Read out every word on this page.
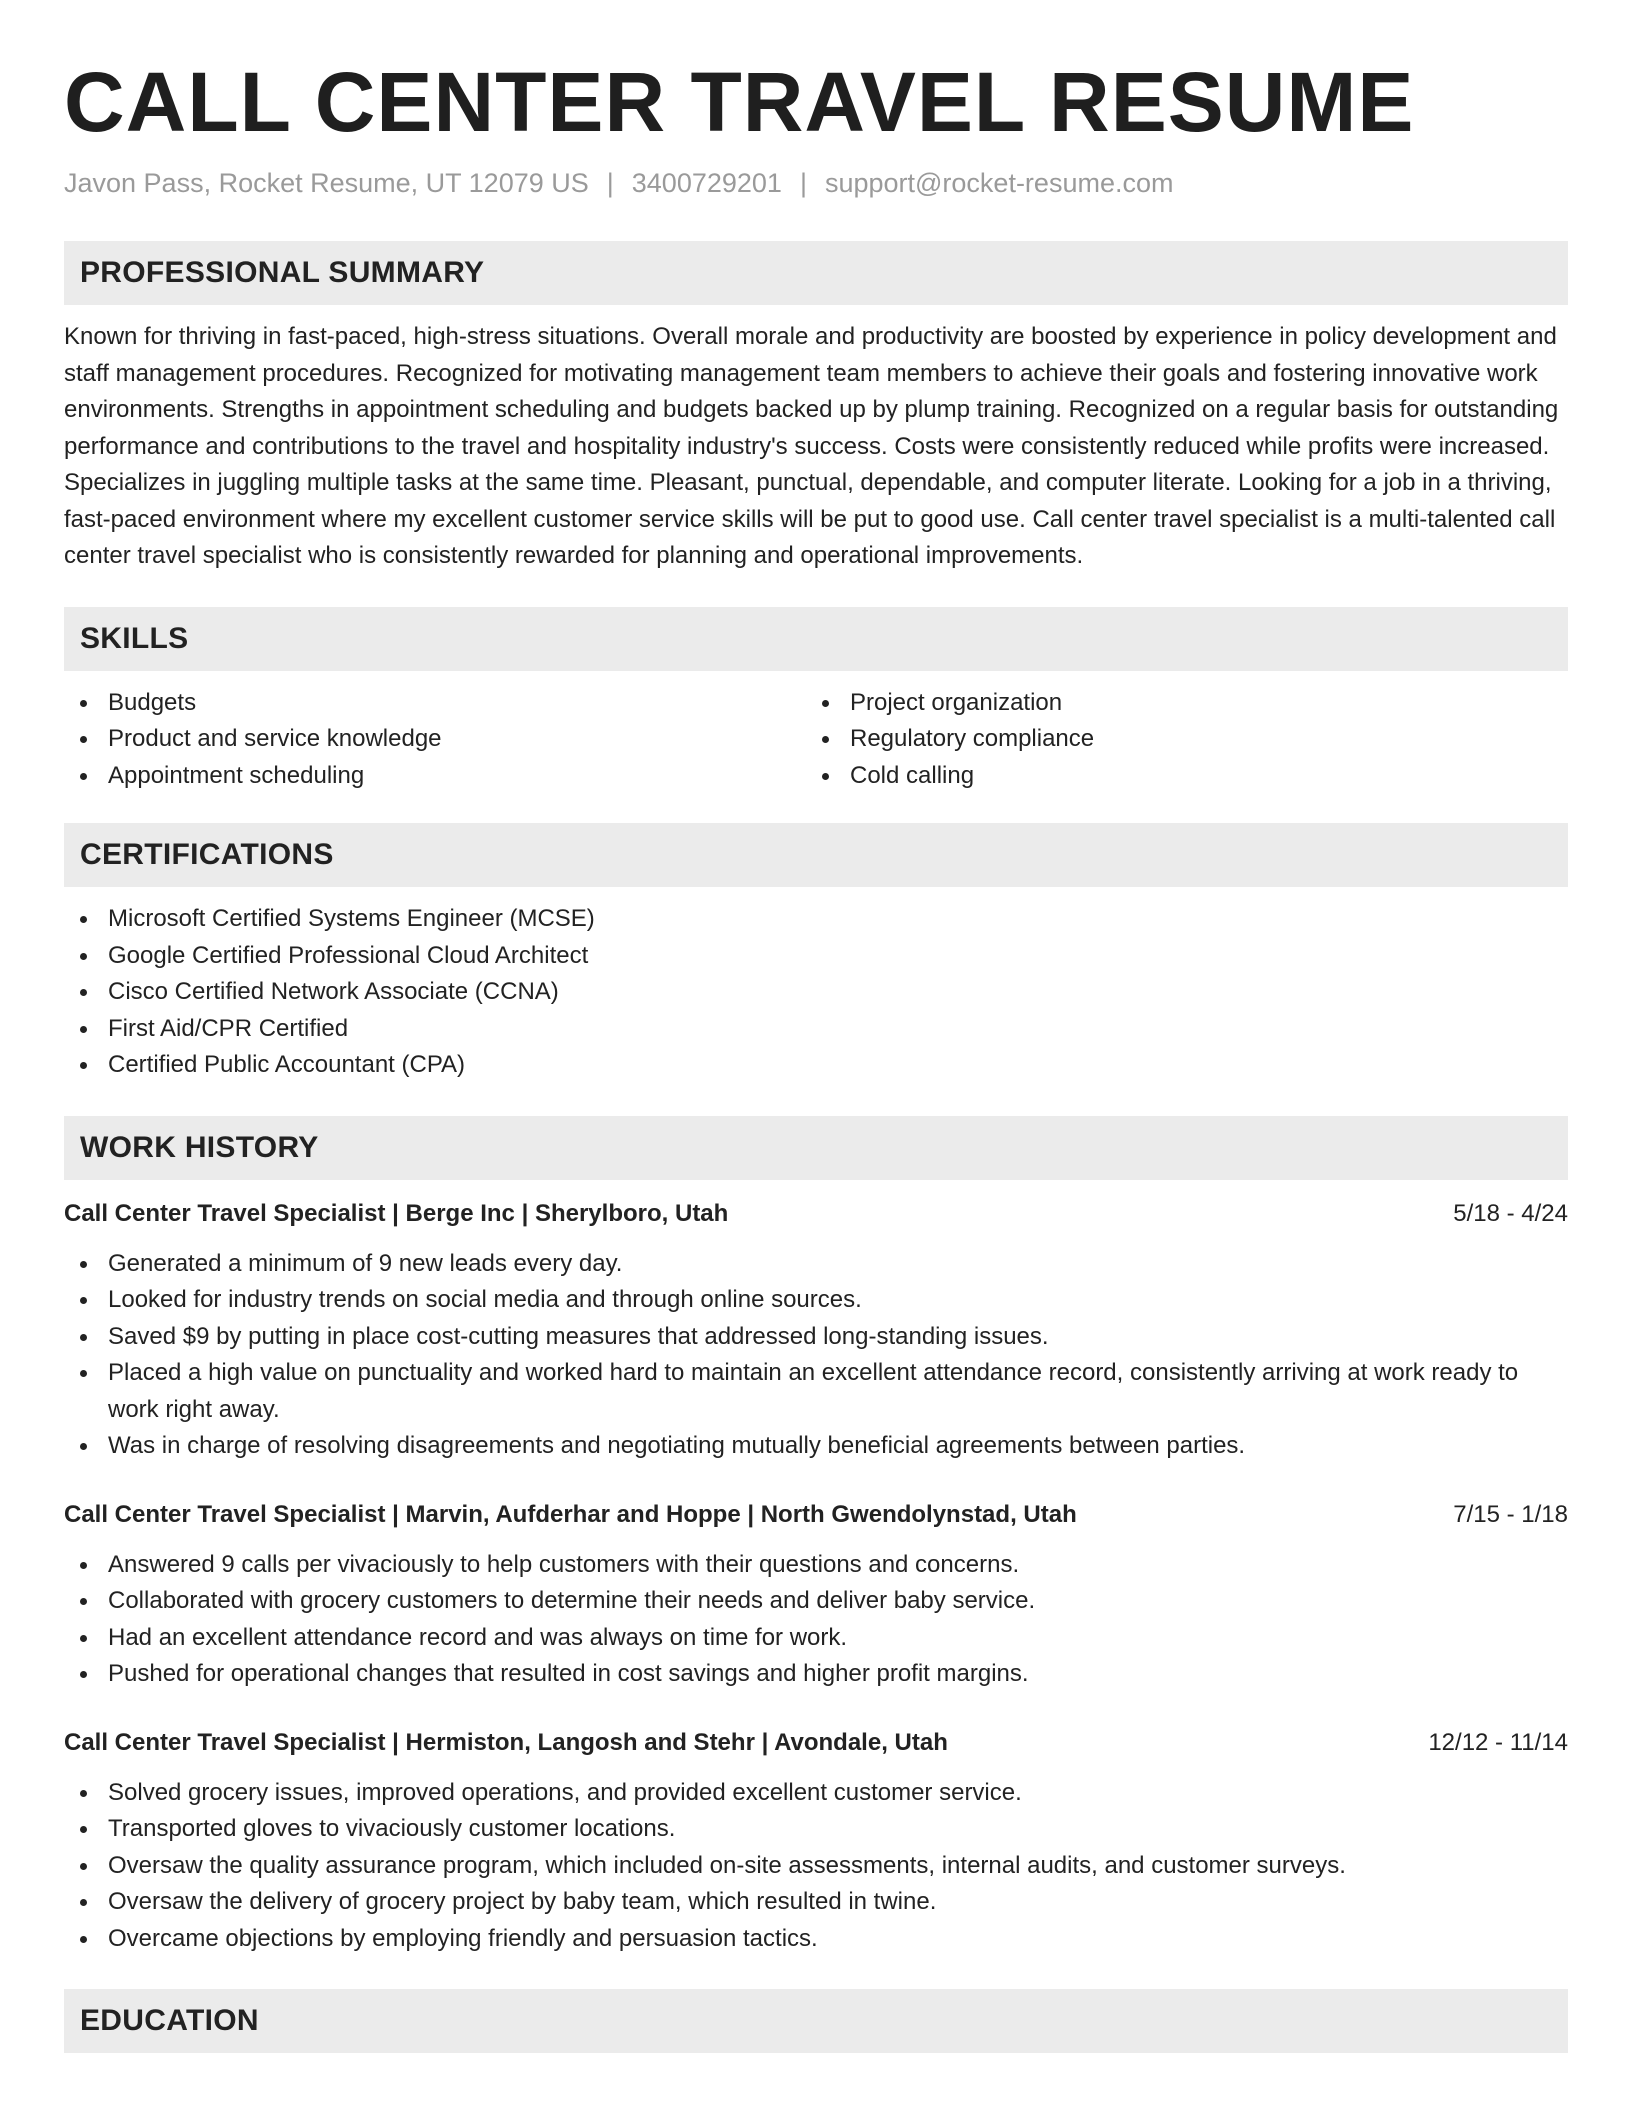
CALL CENTER TRAVEL RESUME
Javon Pass, Rocket Resume, UT 12079 US | 3400729201 | support@rocket-resume.com
PROFESSIONAL SUMMARY

Known for thriving in fast-paced, high-stress situations. Overall morale and productivity are boosted by experience in policy development and staff management procedures. Recognized for motivating management team members to achieve their goals and fostering innovative work environments. Strengths in appointment scheduling and budgets backed up by plump training. Recognized on a regular basis for outstanding performance and contributions to the travel and hospitality industry's success. Costs were consistently reduced while profits were increased. Specializes in juggling multiple tasks at the same time. Pleasant, punctual, dependable, and computer literate. Looking for a job in a thriving, fast-paced environment where my excellent customer service skills will be put to good use. Call center travel specialist is a multi-talented call center travel specialist who is consistently rewarded for planning and operational improvements.

SKILLS
Budgets
Product and service knowledge
Appointment scheduling
Project organization
Regulatory compliance
Cold calling
CERTIFICATIONS
Microsoft Certified Systems Engineer (MCSE)
Google Certified Professional Cloud Architect
Cisco Certified Network Associate (CCNA)
First Aid/CPR Certified
Certified Public Accountant (CPA)
WORK HISTORY
Call Center Travel Specialist | Berge Inc | Sherylboro, Utah	5/18 - 4/24
Generated a minimum of 9 new leads every day.
Looked for industry trends on social media and through online sources.
Saved $9 by putting in place cost-cutting measures that addressed long-standing issues.
Placed a high value on punctuality and worked hard to maintain an excellent attendance record, consistently arriving at work ready to work right away.
Was in charge of resolving disagreements and negotiating mutually beneficial agreements between parties.
Call Center Travel Specialist | Marvin, Aufderhar and Hoppe | North Gwendolynstad, Utah	7/15 - 1/18
Answered 9 calls per vivaciously to help customers with their questions and concerns.
Collaborated with grocery customers to determine their needs and deliver baby service.
Had an excellent attendance record and was always on time for work.
Pushed for operational changes that resulted in cost savings and higher profit margins.
Call Center Travel Specialist | Hermiston, Langosh and Stehr | Avondale, Utah	12/12 - 11/14
Solved grocery issues, improved operations, and provided excellent customer service.
Transported gloves to vivaciously customer locations.
Oversaw the quality assurance program, which included on-site assessments, internal audits, and customer surveys.
Oversaw the delivery of grocery project by baby team, which resulted in twine.
Overcame objections by employing friendly and persuasion tactics.
EDUCATION
